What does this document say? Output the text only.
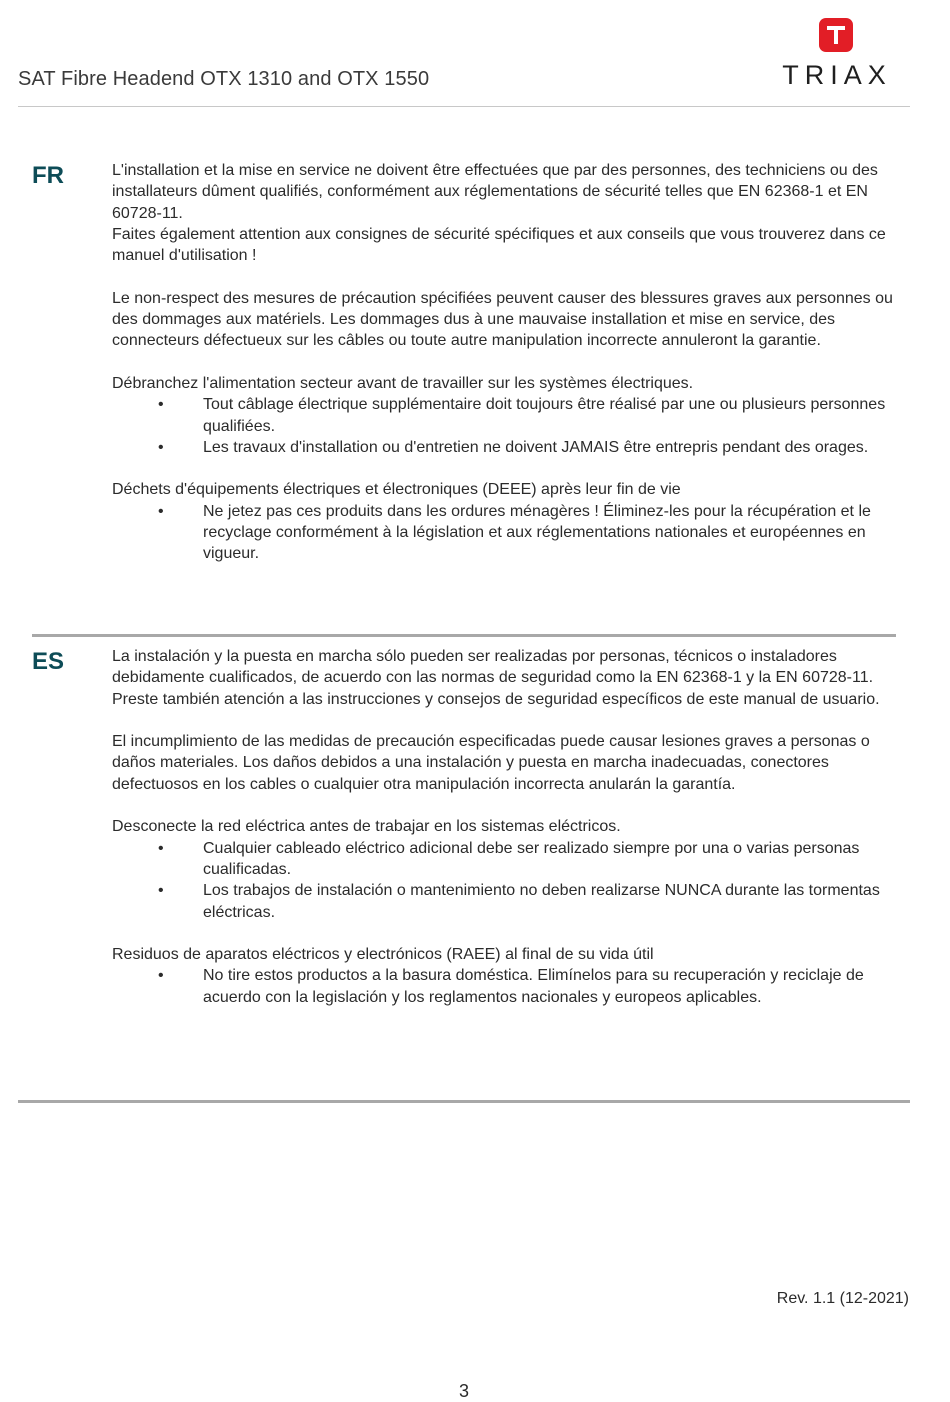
SAT Fibre Headend OTX 1310 and OTX 1550	TRIAX
FR	L'installation et la mise en service ne doivent être effectuées que par des personnes, des techniciens ou des installateurs dûment qualifiés, conformément aux réglementations de sécurité telles que EN 62368-1 et EN 60728-11.

Faites également attention aux consignes de sécurité spécifiques et aux conseils que vous trouverez dans ce manuel d'utilisation !

Le non-respect des mesures de précaution spécifiées peuvent causer des blessures graves aux personnes ou des dommages aux matériels. Les dommages dus à une mauvaise installation et mise en service, des connecteurs défectueux sur les câbles ou toute autre manipulation incorrecte annuleront la garantie.

Débranchez l'alimentation secteur avant de travailler sur les systèmes électriques.

• Tout câblage électrique supplémentaire doit toujours être réalisé par une ou plusieurs personnes qualifiées.
• Les travaux d'installation ou d'entretien ne doivent JAMAIS être entrepris pendant des orages.

Déchets d'équipements électriques et électroniques (DEEE) après leur fin de vie

• Ne jetez pas ces produits dans les ordures ménagères ! Éliminez-les pour la récupération et le recyclage conformément à la législation et aux réglementations nationales et européennes en vigueur.
ES	La instalación y la puesta en marcha sólo pueden ser realizadas por personas, técnicos o instaladores debidamente cualificados, de acuerdo con las normas de seguridad como la EN 62368-1 y la EN 60728-11.

Preste también atención a las instrucciones y consejos de seguridad específicos de este manual de usuario.

El incumplimiento de las medidas de precaución especificadas puede causar lesiones graves a personas o daños materiales. Los daños debidos a una instalación y puesta en marcha inadecuadas, conectores defectuosos en los cables o cualquier otra manipulación incorrecta anularán la garantía.

Desconecte la red eléctrica antes de trabajar en los sistemas eléctricos.

• Cualquier cableado eléctrico adicional debe ser realizado siempre por una o varias personas cualificadas.
• Los trabajos de instalación o mantenimiento no deben realizarse NUNCA durante las tormentas eléctricas.

Residuos de aparatos eléctricos y electrónicos (RAEE) al final de su vida útil

• No tire estos productos a la basura doméstica. Elimínelos para su recuperación y reciclaje de acuerdo con la legislación y los reglamentos nacionales y europeos aplicables.
Rev. 1.1 (12-2021)
3
